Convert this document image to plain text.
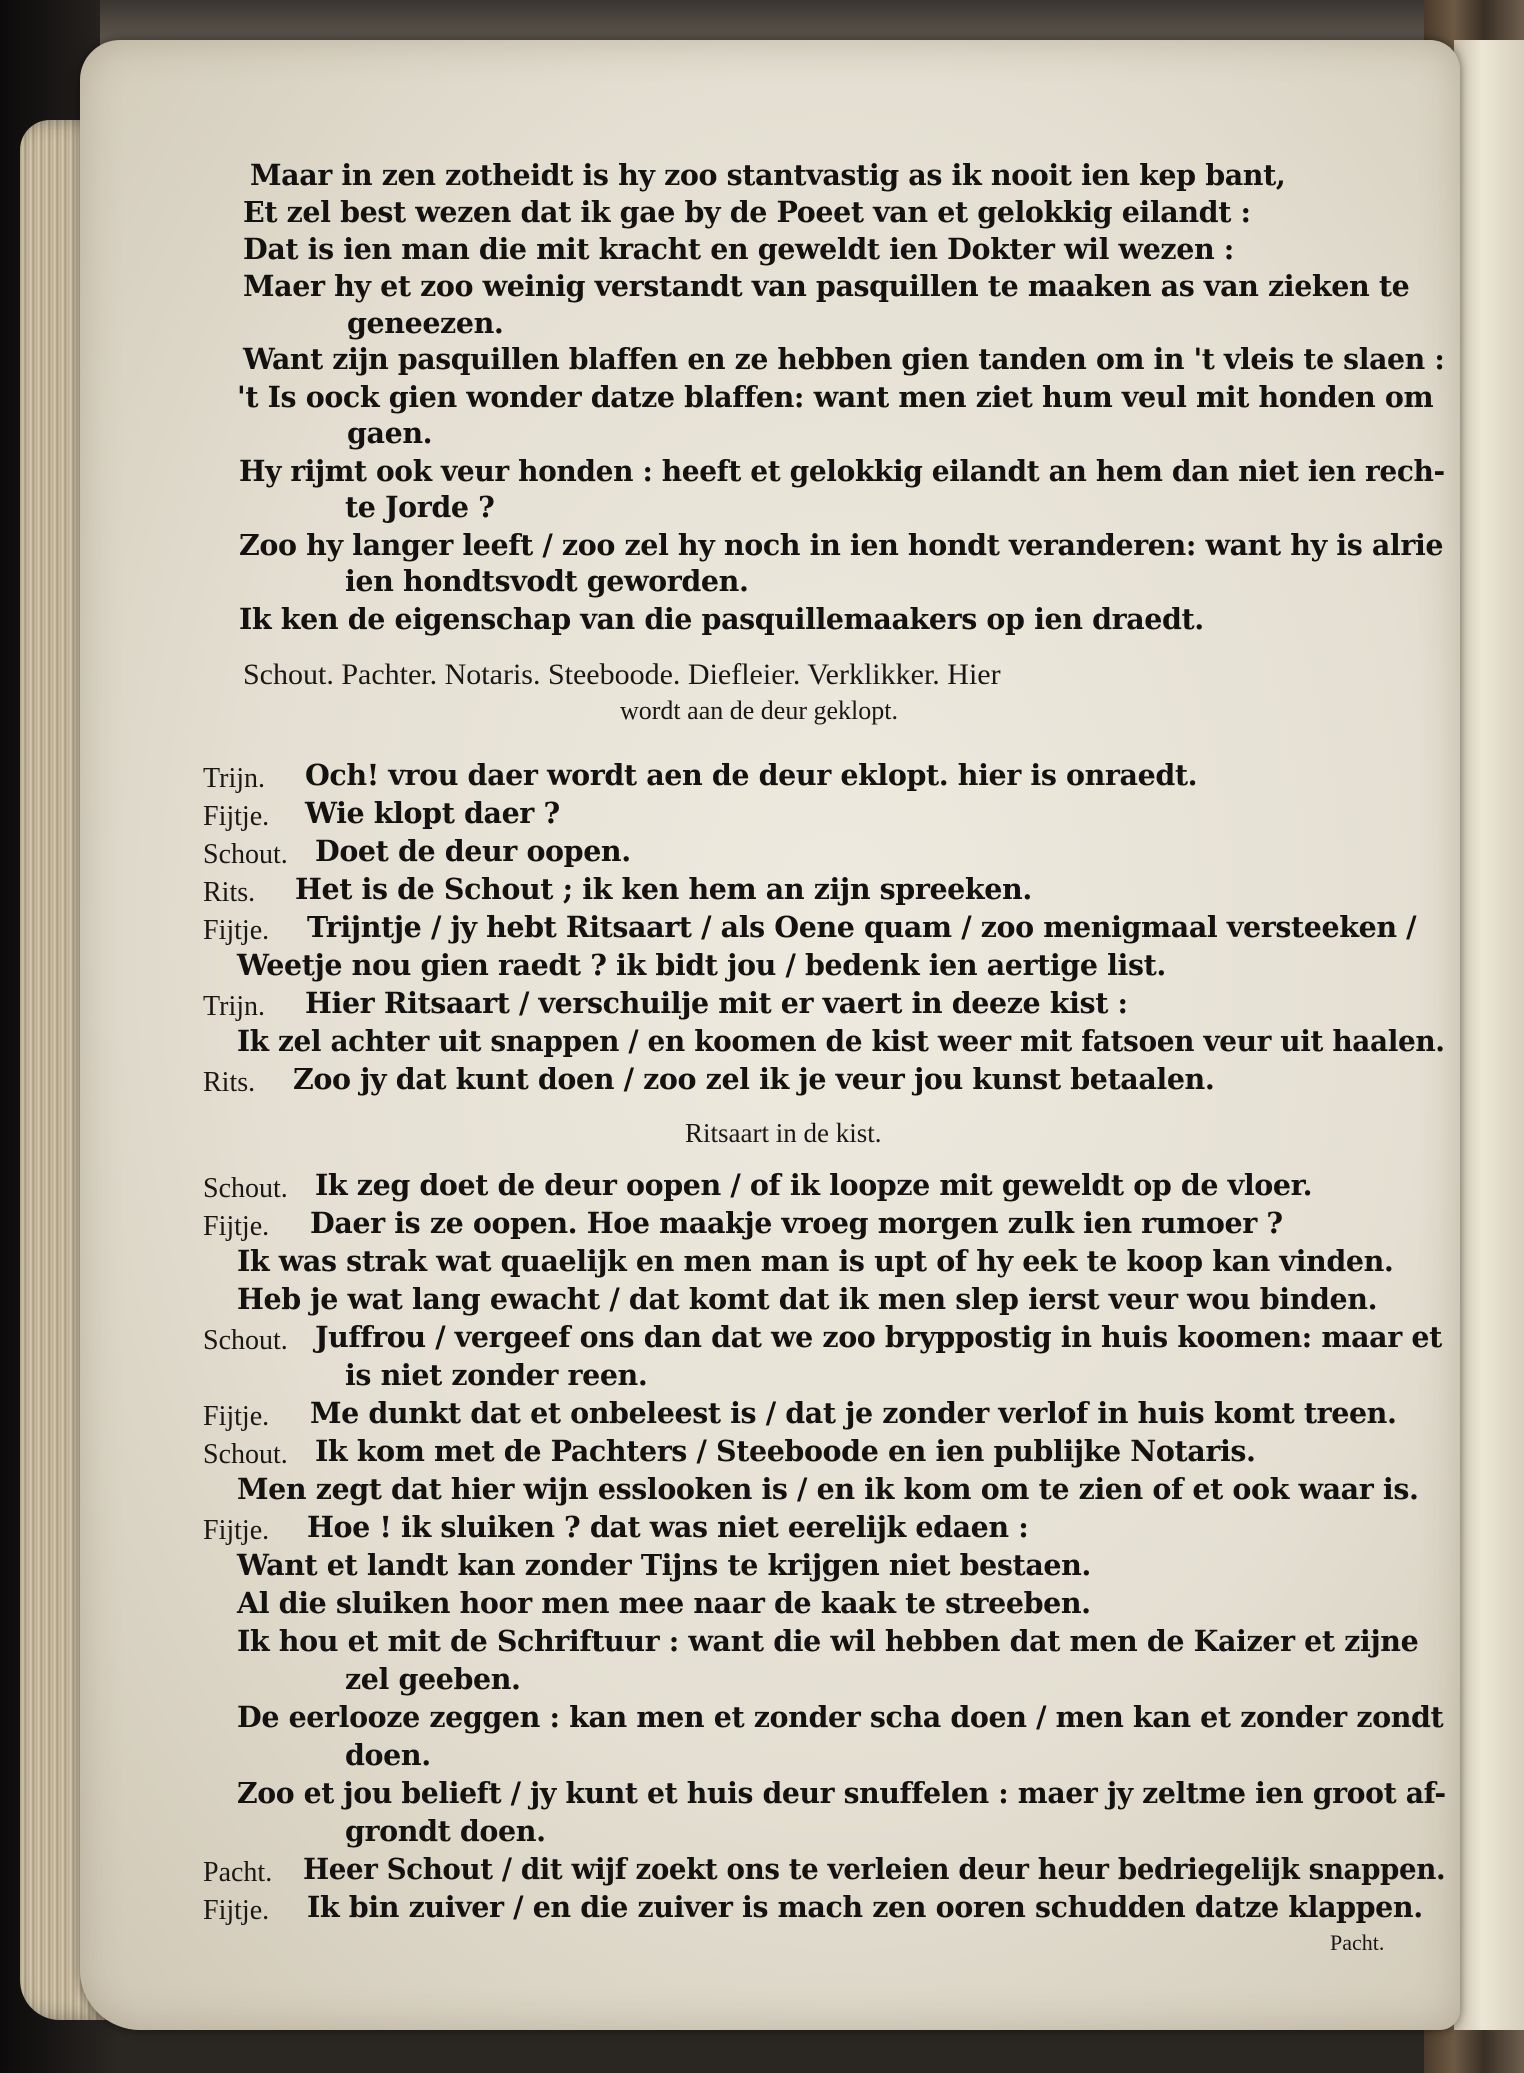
Maar in zen zotheidt is hy zoo stantvastig as ik nooit ien kep bant,
Et zel best wezen dat ik gae by de Poeet van et gelokkig eilandt :
Dat is ien man die mit kracht en geweldt ien Dokter wil wezen :
Maer hy et zoo weinig verstandt van pasquillen te maaken as van zieken te
geneezen.
Want zijn pasquillen blaffen en ze hebben gien tanden om in 't vleis te slaen :
't Is oock gien wonder datze blaffen: want men ziet hum veul mit honden om
gaen.
Hy rijmt ook veur honden : heeft et gelokkig eilandt an hem dan niet ien rech-
te Jorde ?
Zoo hy langer leeft / zoo zel hy noch in ien hondt veranderen: want hy is alrie
ien hondtsvodt geworden.
Ik ken de eigenschap van die pasquillemaakers op ien draedt.
Schout. Pachter. Notaris. Steeboode. Diefleier. Verklikker. Hier
wordt aan de deur geklopt.
Trijn. Och! vrou daer wordt aen de deur eklopt. hier is onraedt.
Fijtje. Wie klopt daer ?
Schout. Doet de deur oopen.
Rits. Het is de Schout ; ik ken hem an zijn spreeken.
Fijtje. Trijntje / jy hebt Ritsaart / als Oene quam / zoo menigmaal versteeken /
Weetje nou gien raedt ? ik bidt jou / bedenk ien aertige list.
Trijn. Hier Ritsaart / verschuilje mit er vaert in deeze kist :
Ik zel achter uit snappen / en koomen de kist weer mit fatsoen veur uit haalen.
Rits. Zoo jy dat kunt doen / zoo zel ik je veur jou kunst betaalen.
Ritsaart in de kist.
Schout. Ik zeg doet de deur oopen / of ik loopze mit geweldt op de vloer.
Fijtje. Daer is ze oopen. Hoe maakje vroeg morgen zulk ien rumoer ?
Ik was strak wat quaelijk en men man is upt of hy eek te koop kan vinden.
Heb je wat lang ewacht / dat komt dat ik men slep ierst veur wou binden.
Schout. Juffrou / vergeef ons dan dat we zoo bryppostig in huis koomen: maar et
is niet zonder reen.
Fijtje. Me dunkt dat et onbeleest is / dat je zonder verlof in huis komt treen.
Schout. Ik kom met de Pachters / Steeboode en ien publijke Notaris.
Men zegt dat hier wijn esslooken is / en ik kom om te zien of et ook waar is.
Fijtje. Hoe ! ik sluiken ? dat was niet eerelijk edaen :
Want et landt kan zonder Tijns te krijgen niet bestaen.
Al die sluiken hoor men mee naar de kaak te streeben.
Ik hou et mit de Schriftuur : want die wil hebben dat men de Kaizer et zijne
zel geeben.
De eerlooze zeggen : kan men et zonder scha doen / men kan et zonder zondt
doen.
Zoo et jou belieft / jy kunt et huis deur snuffelen : maer jy zeltme ien groot af-
grondt doen.
Pacht. Heer Schout / dit wijf zoekt ons te verleien deur heur bedriegelijk snappen.
Fijtje. Ik bin zuiver / en die zuiver is mach zen ooren schudden datze klappen.
Pacht.
